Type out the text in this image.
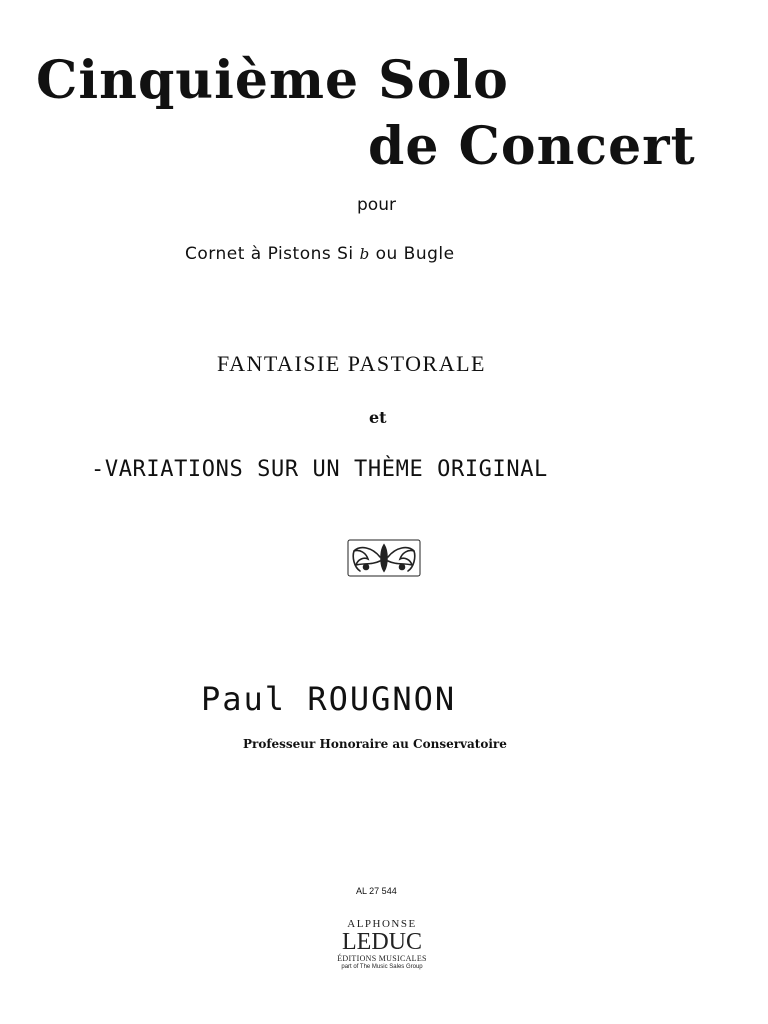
Cinquième Solo
de Concert
pour
Cornet à Pistons Si b ou Bugle
FANTAISIE PASTORALE
et
-VARIATIONS SUR UN THÈME ORIGINAL
Paul ROUGNON
Professeur Honoraire au Conservatoire
AL 27 544
ALPHONSE
LEDUC
ÉDITIONS MUSICALES
part of The Music Sales Group
